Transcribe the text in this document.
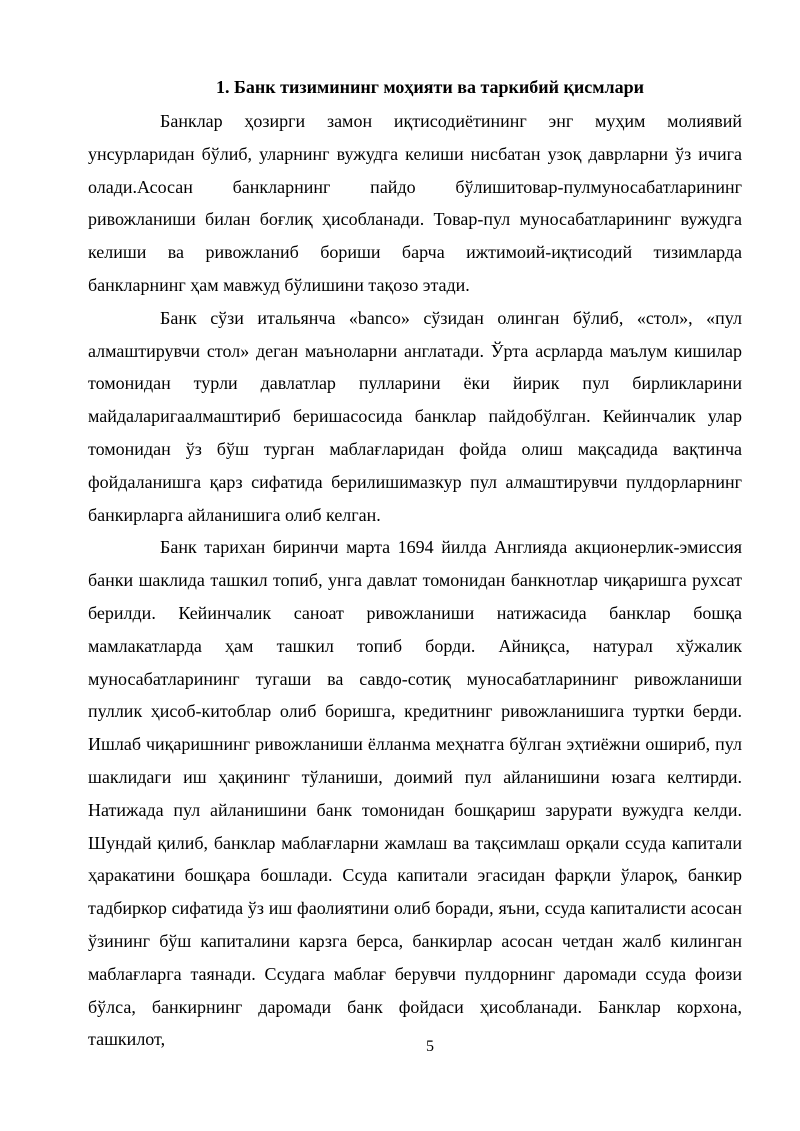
1. Банк тизимининг моҳияти ва таркибий қисмлари

Банклар ҳозирги замон иқтисодиётининг энг муҳим молиявий унсурларидан бўлиб, уларнинг вужудга келиши нисбатан узоқ даврларни ўз ичига олади.Асосан банкларнинг пайдо бўлишитовар-пулмуносабатларининг ривожланиши билан боғлиқ ҳисобланади. Товар-пул муносабатларининг вужудга келиши ва ривожланиб бориши барча ижтимоий-иқтисодий тизимларда банкларнинг ҳам мавжуд бўлишини тақозо этади.

Банк сўзи итальянча «banco» сўзидан олинган бўлиб, «стол», «пул алмаштирувчи стол» деган маъноларни англатади. Ўрта асрларда маълум кишилар томонидан турли давлатлар пулларини ёки йирик пул бирликларини майдаларигаалмаштириб беришасосида банклар пайдобўлган. Кейинчалик улар томонидан ўз бўш турган маблағларидан фойда олиш мақсадида вақтинча фойдаланишга қарз сифатида берилишимазкур пул алмаштирувчи пулдорларнинг банкирларга айланишига олиб келган.

Банк тарихан биринчи марта 1694 йилда Англияда акционерлик-эмиссия банки шаклида ташкил топиб, унга давлат томонидан банкнотлар чиқаришга рухсат берилди. Кейинчалик саноат ривожланиши натижасида банклар бошқа мамлакатларда ҳам ташкил топиб борди. Айниқса, натурал хўжалик муносабатларининг тугаши ва савдо-сотиқ муносабатларининг ривожланиши пуллик ҳисоб-китоблар олиб боришга, кредитнинг ривожланишига туртки берди. Ишлаб чиқаришнинг ривожланиши ёлланма меҳнатга бўлган эҳтиёжни ошириб, пул шаклидаги иш ҳақининг тўланиши, доимий пул айланишини юзага келтирди. Натижада пул айланишини банк томонидан бошқариш зарурати вужудга келди. Шундай қилиб, банклар маблағларни жамлаш ва тақсимлаш орқали ссуда капитали ҳаракатини бошқара бошлади. Ссуда капитали эгасидан фарқли ўлароқ, банкир тадбиркор сифатида ўз иш фаолиятини олиб боради, яъни, ссуда капиталисти асосан ўзининг бўш капиталини карзга берса, банкирлар асосан четдан жалб килинган маблағларга таянади. Ссудага маблағ берувчи пулдорнинг даромади ссуда фоизи бўлса, банкирнинг даромади банк фойдаси ҳисобланади. Банклар корхона, ташкилот,	5
